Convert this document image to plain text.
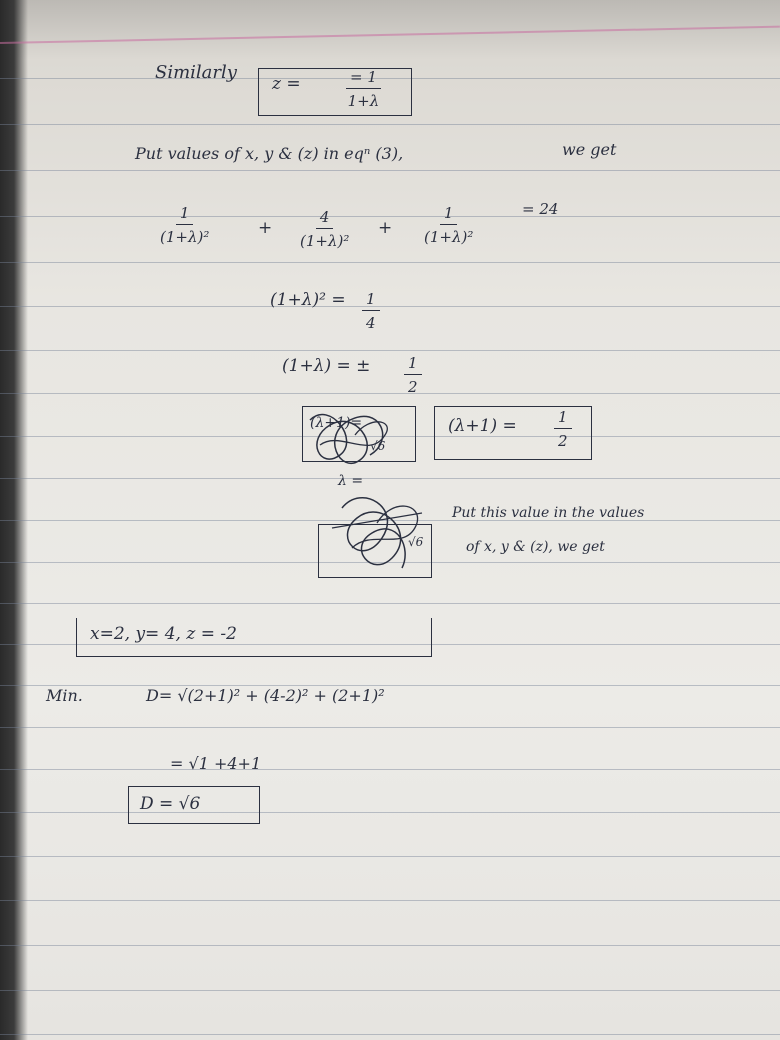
Similarly
z =	$\frac{= 1}{1+\lambda}$
Put values of x, y & (z) in eqⁿ (3),	we get
$\frac{1}{\text{(1+λ)²}}$	+ $\frac{4}{\text{(1+λ)²}} + \frac{1}{\text{(1+λ)²}}$	= 24
$(1+\lambda)^2 = \frac{1}{4}$
(1+λ) = ± $\frac{1}{2}$
(λ+1)=
√6
$(\lambda+1) = \frac{1}{2}$
λ =
√6
Put this value in the values
of x, y & (z), we get
x=2, y= 4, z = -2
Min.	D= √(2+1)² + (4-2)² + (2+1)²
= √1 +4+1
D = √6
